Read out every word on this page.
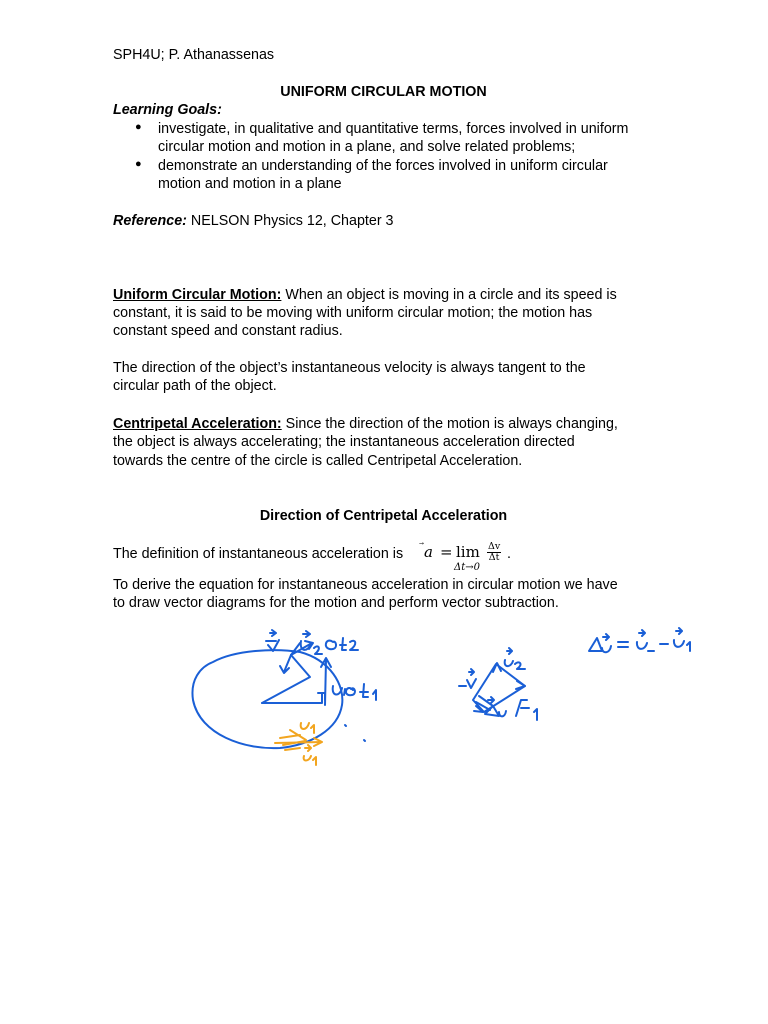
SPH4U; P. Athanassenas
UNIFORM CIRCULAR MOTION
Learning Goals:
● investigate, in qualitative and quantitative terms, forces involved in uniform
circular motion and motion in a plane, and solve related problems;
● demonstrate an understanding of the forces involved in uniform circular
motion and motion in a plane
Reference: NELSON Physics 12, Chapter 3
Uniform Circular Motion: When an object is moving in a circle and its speed is
constant, it is said to be moving with uniform circular motion; the motion has
constant speed and constant radius.
The direction of the object’s instantaneous velocity is always tangent to the
circular path of the object.
Centripetal Acceleration: Since the direction of the motion is always changing,
the object is always accelerating; the instantaneous acceleration directed
towards the centre of the circle is called Centripetal Acceleration.
Direction of Centripetal Acceleration
The definition of instantaneous acceleration is a = lim
Δt→0
$\frac{\Delta v}{\Delta t}$ .
To derive the equation for instantaneous acceleration in circular motion we have
to draw vector diagrams for the motion and perform vector subtraction.
